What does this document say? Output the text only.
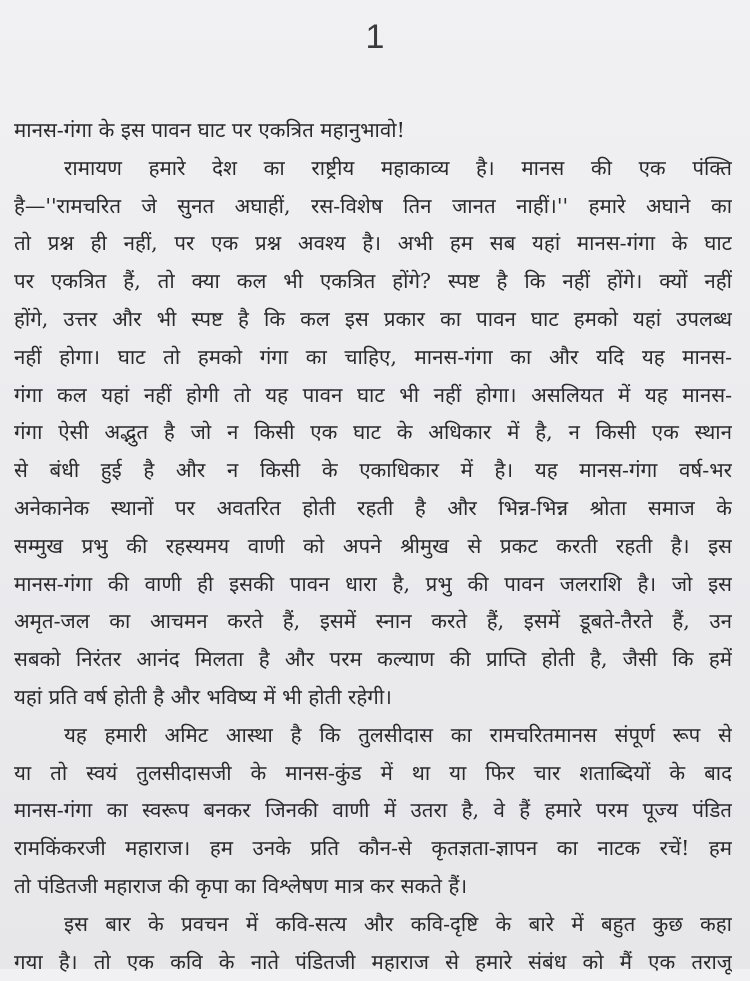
1
मानस-गंगा के इस पावन घाट पर एकत्रित महानुभावो!
रामायण हमारे देश का राष्ट्रीय महाकाव्य है। मानस की एक पंक्ति
है—''रामचरित जे सुनत अघाहीं, रस-विशेष तिन जानत नाहीं।'' हमारे अघाने का
तो प्रश्न ही नहीं, पर एक प्रश्न अवश्य है। अभी हम सब यहां मानस-गंगा के घाट
पर एकत्रित हैं, तो क्या कल भी एकत्रित होंगे? स्पष्ट है कि नहीं होंगे। क्यों नहीं
होंगे, उत्तर और भी स्पष्ट है कि कल इस प्रकार का पावन घाट हमको यहां उपलब्ध
नहीं होगा। घाट तो हमको गंगा का चाहिए, मानस-गंगा का और यदि यह मानस-
गंगा कल यहां नहीं होगी तो यह पावन घाट भी नहीं होगा। असलियत में यह मानस-
गंगा ऐसी अद्भुत है जो न किसी एक घाट के अधिकार में है, न किसी एक स्थान
से बंधी हुई है और न किसी के एकाधिकार में है। यह मानस-गंगा वर्ष-भर
अनेकानेक स्थानों पर अवतरित होती रहती है और भिन्न-भिन्न श्रोता समाज के
सम्मुख प्रभु की रहस्यमय वाणी को अपने श्रीमुख से प्रकट करती रहती है। इस
मानस-गंगा की वाणी ही इसकी पावन धारा है, प्रभु की पावन जलराशि है। जो इस
अमृत-जल का आचमन करते हैं, इसमें स्नान करते हैं, इसमें डूबते-तैरते हैं, उन
सबको निरंतर आनंद मिलता है और परम कल्याण की प्राप्ति होती है, जैसी कि हमें
यहां प्रति वर्ष होती है और भविष्य में भी होती रहेगी।
यह हमारी अमिट आस्था है कि तुलसीदास का रामचरितमानस संपूर्ण रूप से
या तो स्वयं तुलसीदासजी के मानस-कुंड में था या फिर चार शताब्दियों के बाद
मानस-गंगा का स्वरूप बनकर जिनकी वाणी में उतरा है, वे हैं हमारे परम पूज्य पंडित
रामकिंकरजी महाराज। हम उनके प्रति कौन-से कृतज्ञता-ज्ञापन का नाटक रचें! हम
तो पंडितजी महाराज की कृपा का विश्लेषण मात्र कर सकते हैं।
इस बार के प्रवचन में कवि-सत्य और कवि-दृष्टि के बारे में बहुत कुछ कहा
गया है। तो एक कवि के नाते पंडितजी महाराज से हमारे संबंध को मैं एक तराजू
